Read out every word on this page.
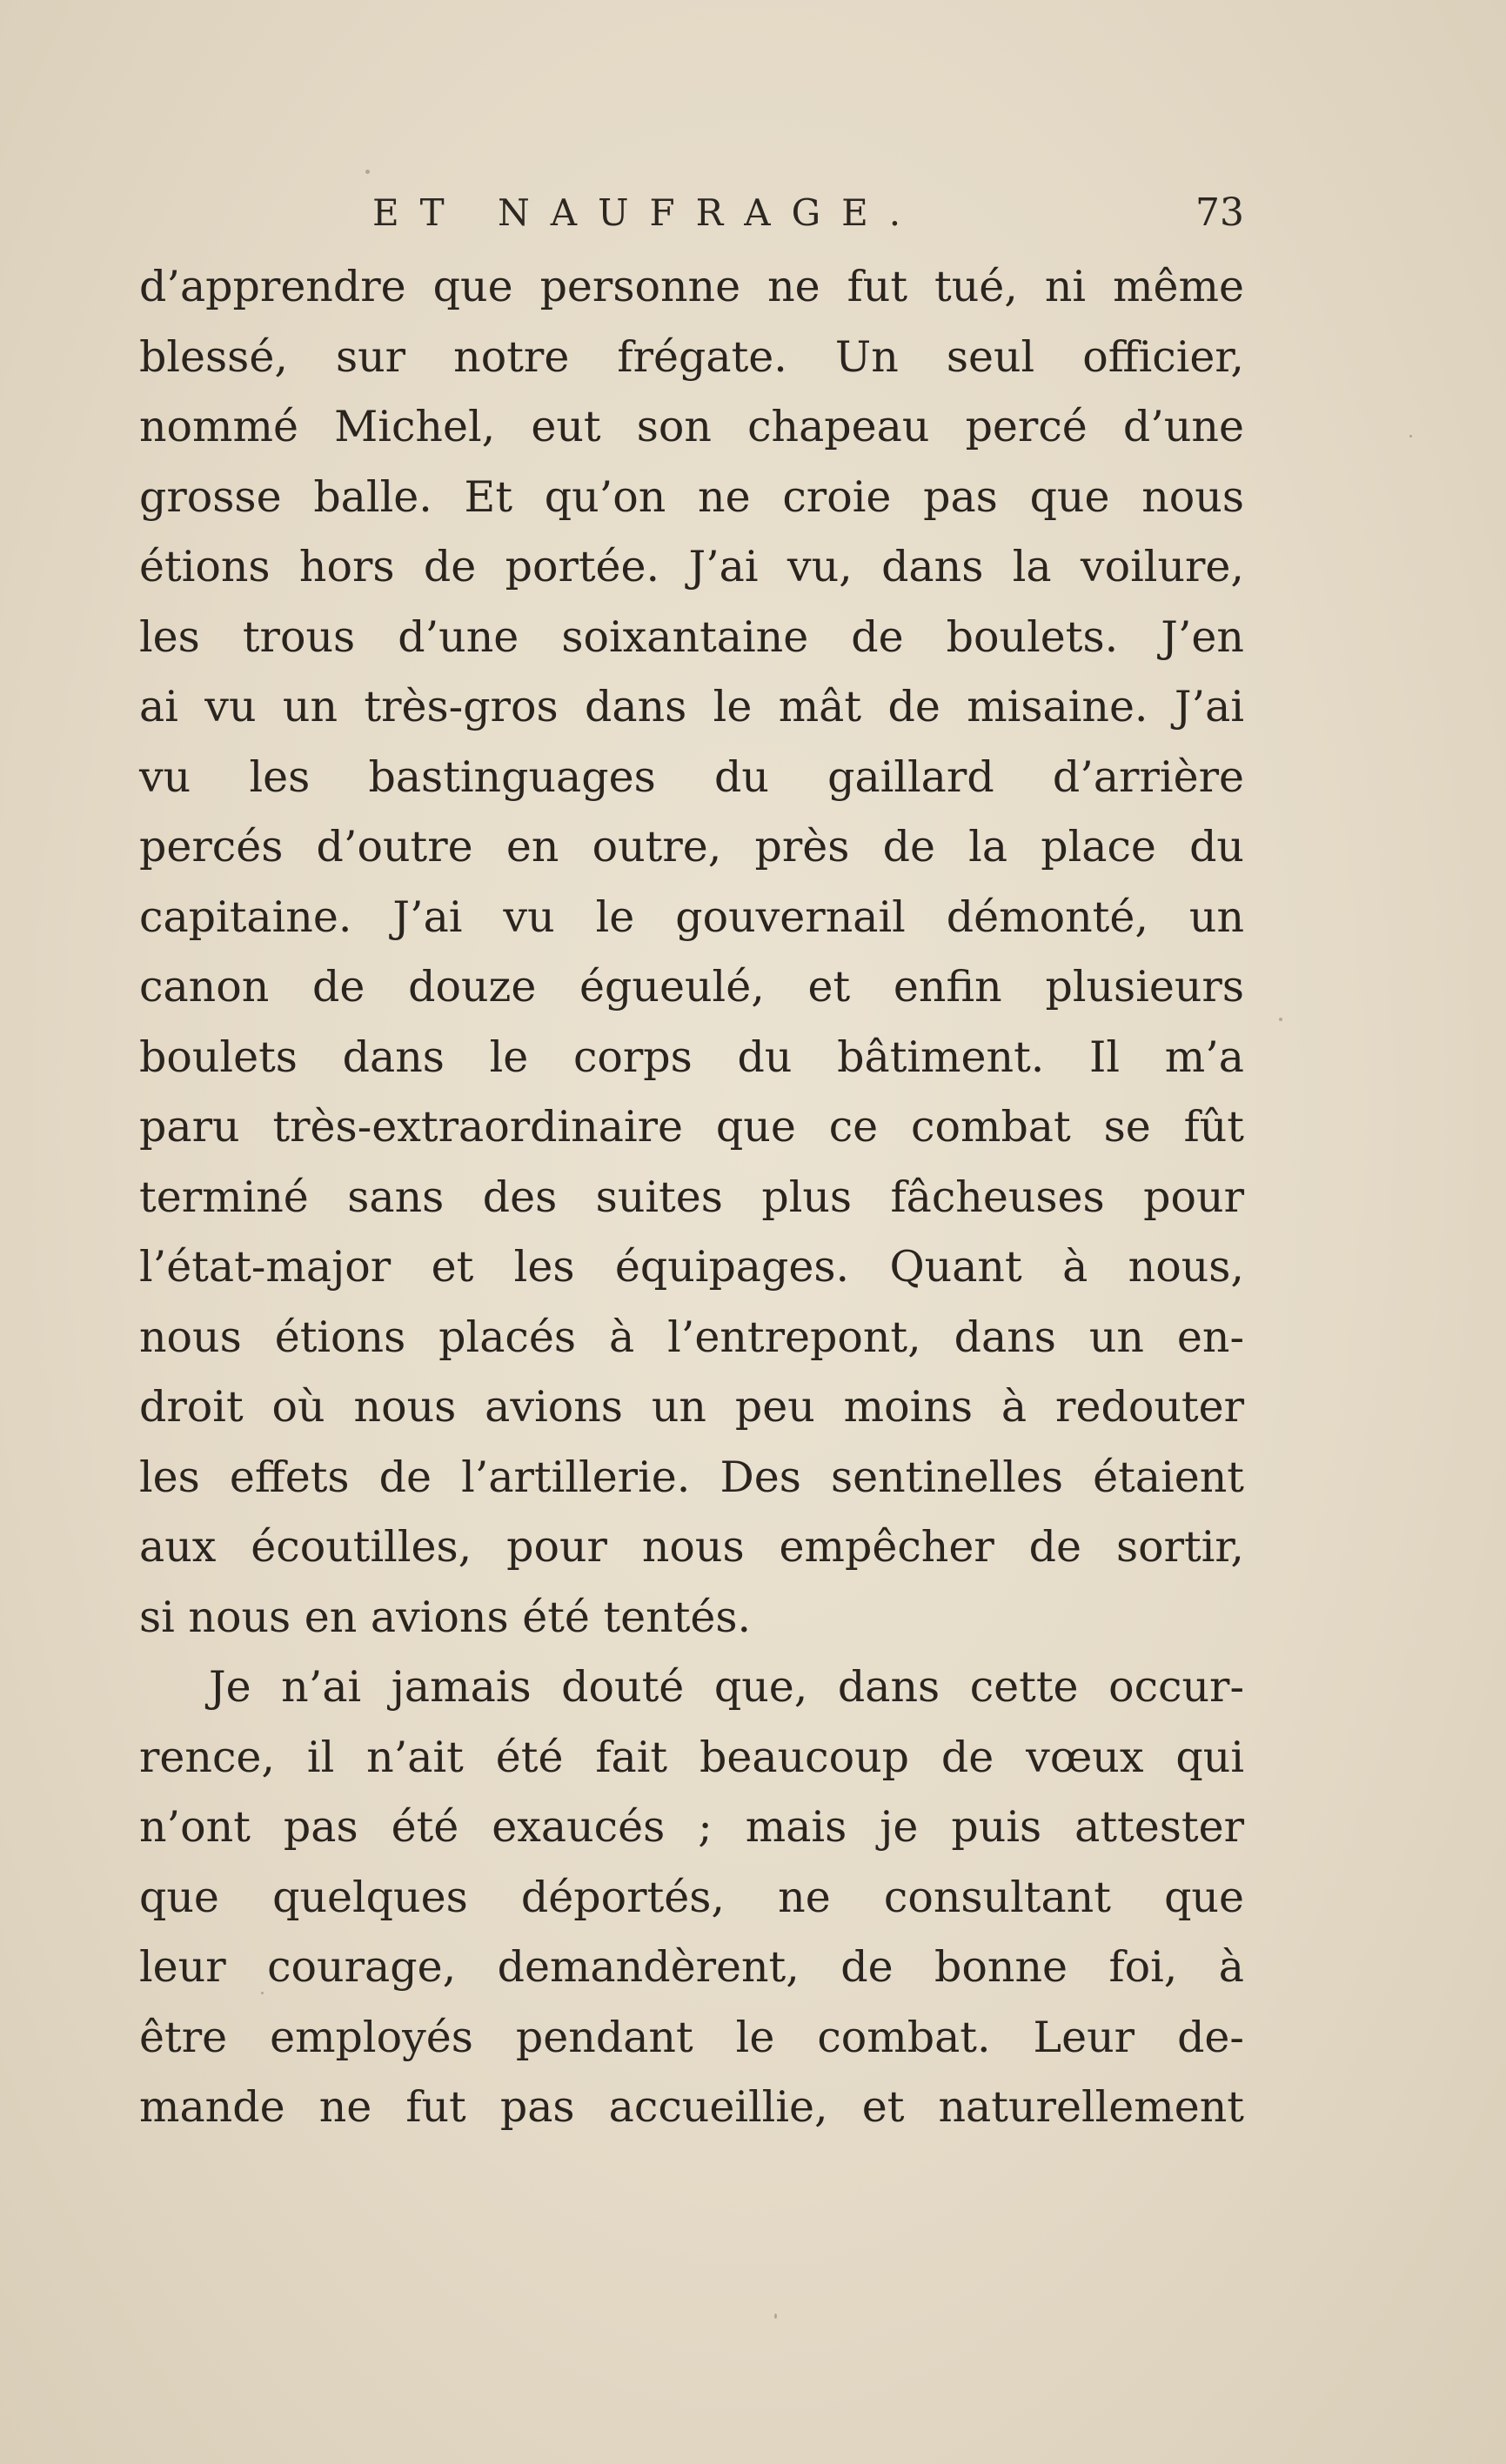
ET NAUFRAGE.	73
d’apprendre que personne ne fut tué, ni même
blessé, sur notre frégate. Un seul officier,
nommé Michel, eut son chapeau percé d’une
grosse balle. Et qu’on ne croie pas que nous
étions hors de portée. J’ai vu, dans la voilure,
les trous d’une soixantaine de boulets. J’en
ai vu un très-gros dans le mât de misaine. J’ai
vu les bastinguages du gaillard d’arrière
percés d’outre en outre, près de la place du
capitaine. J’ai vu le gouvernail démonté, un
canon de douze égueulé, et enfin plusieurs
boulets dans le corps du bâtiment. Il m’a
paru très-extraordinaire que ce combat se fût
terminé sans des suites plus fâcheuses pour
l’état-major et les équipages. Quant à nous,
nous étions placés à l’entrepont, dans un en-
droit où nous avions un peu moins à redouter
les effets de l’artillerie. Des sentinelles étaient
aux écoutilles, pour nous empêcher de sortir,
si nous en avions été tentés.
Je n’ai jamais douté que, dans cette occur-
rence, il n’ait été fait beaucoup de vœux qui
n’ont pas été exaucés ; mais je puis attester
que quelques déportés, ne consultant que
leur courage, demandèrent, de bonne foi, à
être employés pendant le combat. Leur de-
mande ne fut pas accueillie, et naturellement
